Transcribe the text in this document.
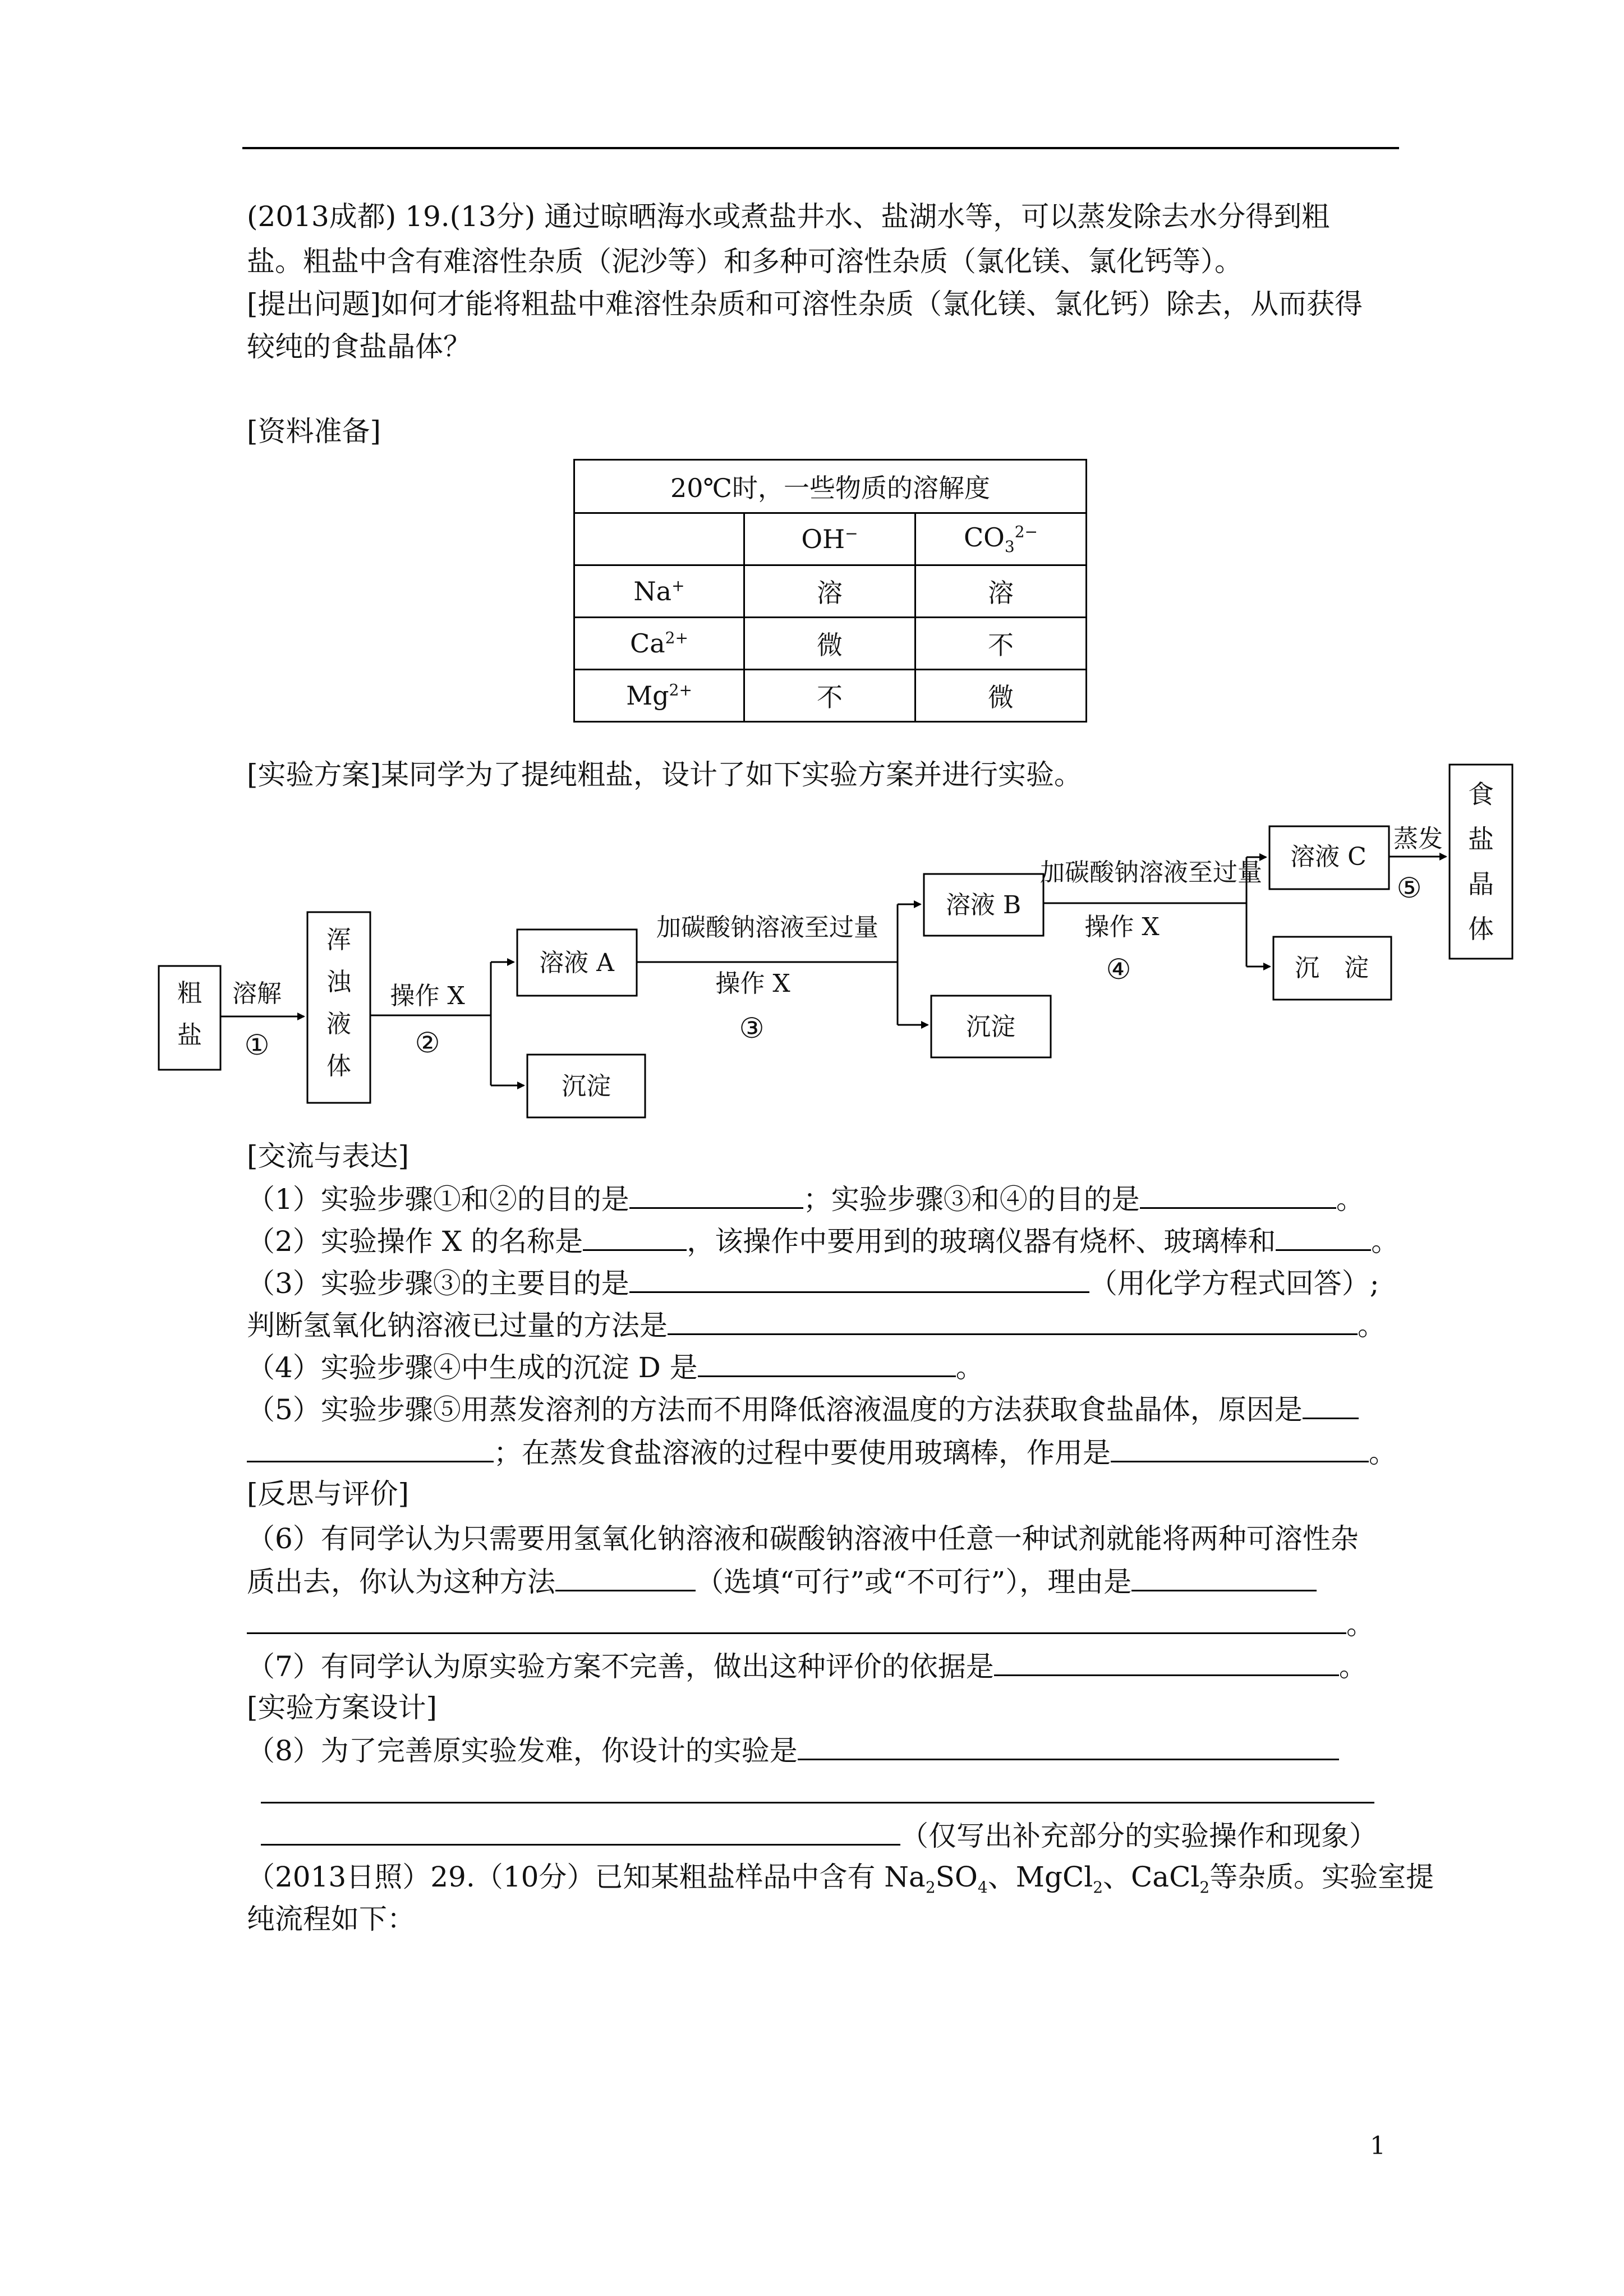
(2013成都) 19.(13分) 通过晾晒海水或煮盐井水、盐湖水等，可以蒸发除去水分得到粗
盐。粗盐中含有难溶性杂质（泥沙等）和多种可溶性杂质（氯化镁、氯化钙等）。
[提出问题]如何才能将粗盐中难溶性杂质和可溶性杂质（氯化镁、氯化钙）除去，从而获得
较纯的食盐晶体？
[资料准备]
20℃时，一些物质的溶解度		
	OH−	$CO_3^{2-}$
Na+	溶	溶
$Ca^{2+}$	微	不
$Mg^{2+}$	不	微
[实验方案]某同学为了提纯粗盐，设计了如下实验方案并进行实验。
粗
盐
溶解
①
浑
浊
液
体
操作 X
②
溶液 A
沉淀
加碳酸钠溶液至过量
操作 X
③
溶液 B
沉淀
加碳酸钠溶液至过量
操作 X
④
溶液 C
沉　淀
蒸发
⑤
食
盐
晶
体
[交流与表达]
（1）实验步骤①和②的目的是	；实验步骤③和④的目的是	。
（2）实验操作 X 的名称是	，该操作中要用到的玻璃仪器有烧杯、玻璃棒和	。
（3）实验步骤③的主要目的是	（用化学方程式回答）;
判断氢氧化钠溶液已过量的方法是	。
（4）实验步骤④中生成的沉淀 D 是	。
（5）实验步骤⑤用蒸发溶剂的方法而不用降低溶液温度的方法获取食盐晶体，原因是
；在蒸发食盐溶液的过程中要使用玻璃棒，作用是	。
[反思与评价]
（6）有同学认为只需要用氢氧化钠溶液和碳酸钠溶液中任意一种试剂就能将两种可溶性杂
质出去，你认为这种方法	（选填“可行”或“不可行”），理由是
。
（7）有同学认为原实验方案不完善，做出这种评价的依据是	。
[实验方案设计]
（8）为了完善原实验发难，你设计的实验是
（仅写出补充部分的实验操作和现象）
（2013日照）29.（10分）已知某粗盐样品中含有 $Na_2SO_4$、MgCl$_2$、CaCl$_2$等杂质。实验室提
纯流程如下：
1
